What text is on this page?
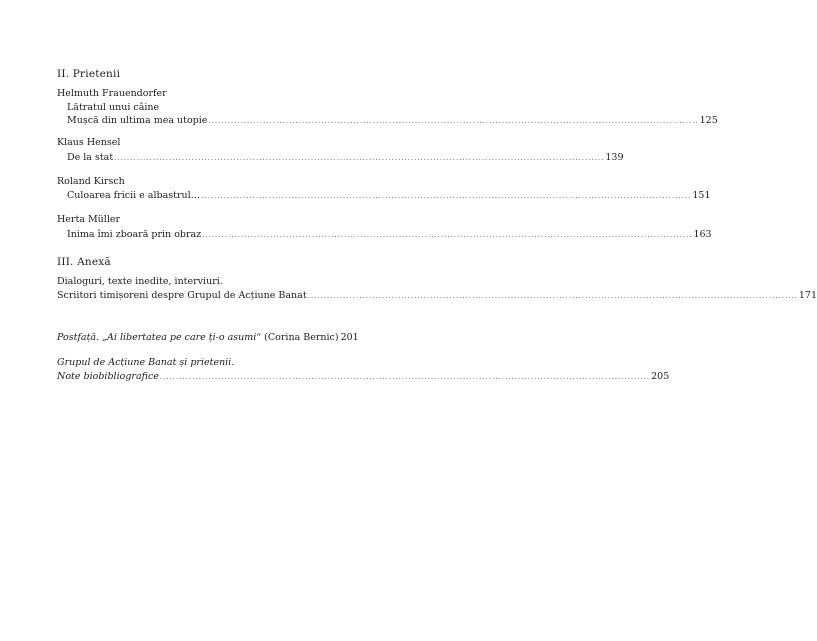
II. Prietenii
Helmuth Frauendorfer
Lătratul unui câine
Mușcă din ultima mea utopie ........................................................................................................................................................ 125
Klaus Hensel
De la stat ........................................................................................................................................................ 139
Roland Kirsch
Culoarea fricii e albastrul… ........................................................................................................................................................ 151
Herta Müller
Inima îmi zboară prin obraz ........................................................................................................................................................ 163
III. Anexă
Dialoguri, texte inedite, interviuri.
Scriitori timișoreni despre Grupul de Acțiune Banat ........................................................................................................................................................ 171
Postfață. „Ai libertatea pe care ți-o asumi“ (Corina Bernic) 201
Grupul de Acțiune Banat și prietenii.
Note biobibliografice ........................................................................................................................................................ 205
